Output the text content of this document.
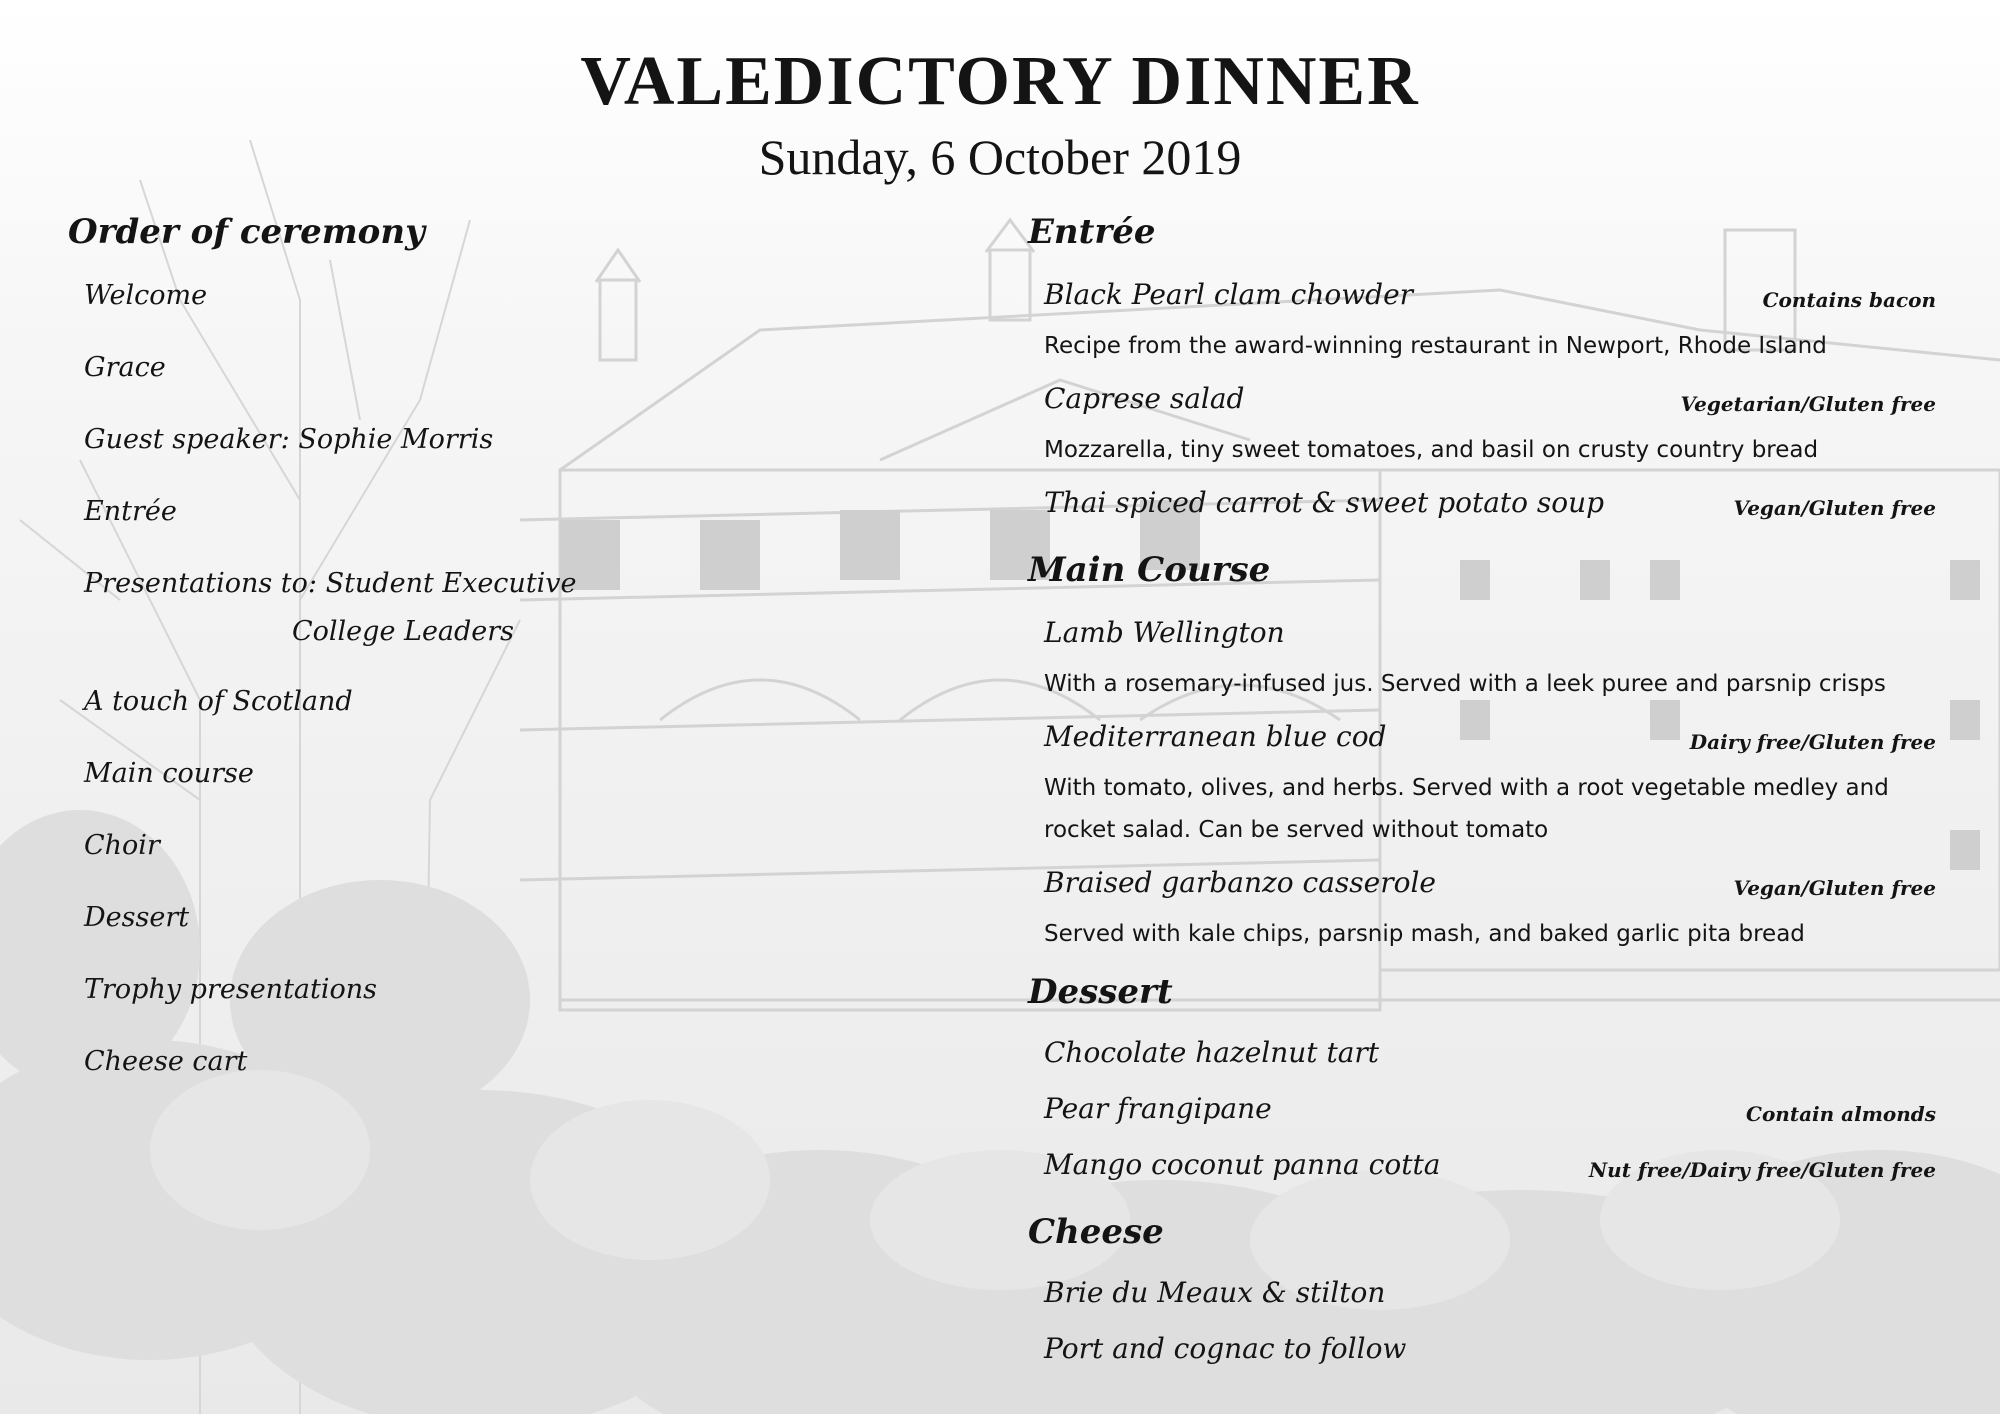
VALEDICTORY DINNER
Sunday, 6 October 2019
Order of ceremony
Welcome
Grace
Guest speaker: Sophie Morris
Entrée
Presentations to: Student Executive
College Leaders
A touch of Scotland
Main course
Choir
Dessert
Trophy presentations
Cheese cart
Entrée
Black Pearl clam chowder	Contains bacon
Recipe from the award-winning restaurant in Newport, Rhode Island
Caprese salad	Vegetarian/Gluten free
Mozzarella, tiny sweet tomatoes, and basil on crusty country bread
Thai spiced carrot & sweet potato soup	Vegan/Gluten free
Main Course
Lamb Wellington
With a rosemary-infused jus. Served with a leek puree and parsnip crisps
Mediterranean blue cod	Dairy free/Gluten free
With tomato, olives, and herbs. Served with a root vegetable medley and rocket salad. Can be served without tomato
Braised garbanzo casserole	Vegan/Gluten free
Served with kale chips, parsnip mash, and baked garlic pita bread
Dessert
Chocolate hazelnut tart
Pear frangipane	Contain almonds
Mango coconut panna cotta	Nut free/Dairy free/Gluten free
Cheese
Brie du Meaux & stilton
Port and cognac to follow
